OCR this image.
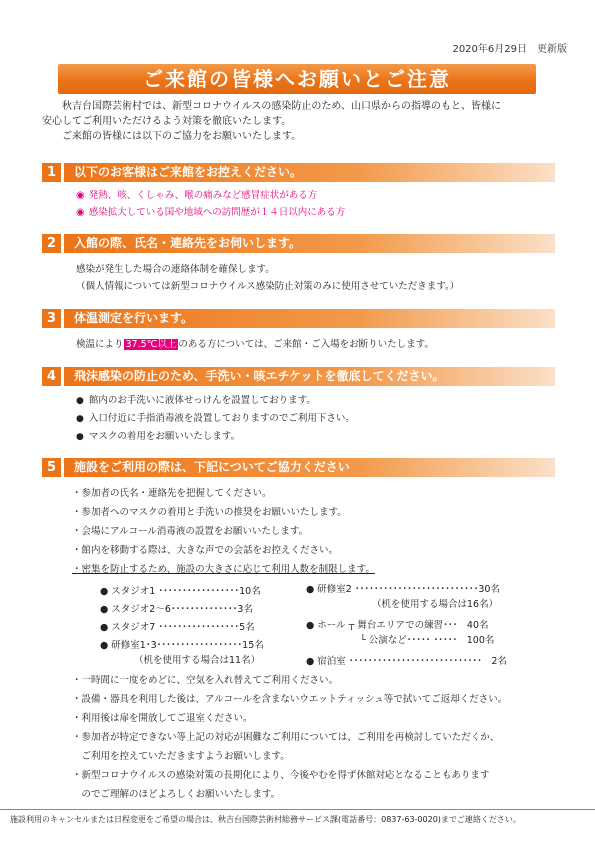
2020年6月29日　更新版
ご来館の皆様へお願いとご注意

秋吉台国際芸術村では、新型コロナウイルスの感染防止のため、山口県からの指導のもと、皆様に

安心してご利用いただけるよう対策を徹底いたします。

ご来館の皆様には以下のご協力をお願いいたします。

1	以下のお客様はご来館をお控えください。
◉ 発熱、咳、くしゃみ、喉の痛みなど感冒症状がある方
◉ 感染拡大している国や地域への訪問歴が１４日以内にある方
2	入館の際、氏名・連絡先をお伺いします。
感染が発生した場合の連絡体制を確保します。
（個人情報については新型コロナウイルス感染防止対策のみに使用させていただきます。）
3	体温測定を行います。
検温により 37.5℃以上 のある方については、ご来館・ご入場をお断りいたします。
4	飛沫感染の防止のため、手洗い・咳エチケットを徹底してください。
● 館内のお手洗いに液体せっけんを設置しております。
● 入口付近に手指消毒液を設置しておりますのでご利用下さい。
● マスクの着用をお願いいたします。
5	施設をご利用の際は、下記についてご協力ください
・参加者の氏名・連絡先を把握してください。
・参加者へのマスクの着用と手洗いの推奨をお願いいたします。
・会場にアルコール消毒液の設置をお願いいたします。
・館内を移動する際は、大きな声での会話をお控えください。
・密集を防止するため、施設の大きさに応じて利用人数を制限します。
● スタジオ1 ･････････････････10名
● スタジオ2～6･･････････････3名
● スタジオ7 ･････････････････5名
● 研修室1･3･･････････････････15名
（机を使用する場合は11名）
● 研修室2 ･･････････････････････････30名
（机を使用する場合は16名）
● ホール ┬ 舞台エリアでの練習･･･　40名
└ 公演など･････ ･････　100名
● 宿泊室 ････････････････････････････　2名
・一時間に一度をめどに、空気を入れ替えてご利用ください。
・設備・器具を利用した後は、アルコールを含まないウエットティッシュ等で拭いてご返却ください。
・利用後は扉を開放してご退室ください。
・参加者が特定できない等上記の対応が困難なご利用については、ご利用を再検討していただくか、
　ご利用を控えていただきますようお願いします。
・新型コロナウイルスの感染対策の長期化により、今後やむを得ず休館対応となることもあります
　のでご理解のほどよろしくお願いいたします。
施設利用のキャンセルまたは日程変更をご希望の場合は、秋吉台国際芸術村総務サービス課(電話番号：0837-63-0020)までご連絡ください。
